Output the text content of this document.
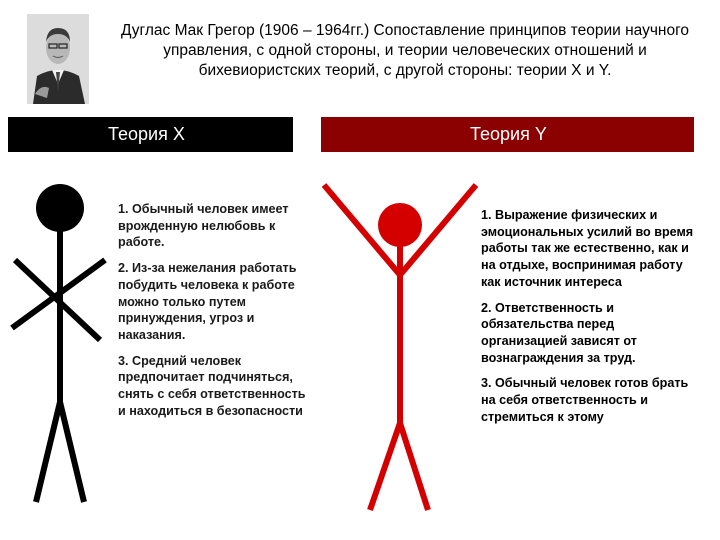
Дуглас Мак Грегор (1906 – 1964гг.) Сопоставление принципов теории научного управления, с одной стороны, и теории человеческих отношений и бихевиористских теорий, с другой стороны: теории X и Y.
Теория X	Теория Y

1. Обычный человек имеет врожденную нелюбовь к работе.

2. Из-за нежелания работать побудить человека к работе можно только путем принуждения, угроз и наказания.

3. Средний человек предпочитает подчиняться, снять с себя ответственность и находиться в безопасности

1. Выражение физических и эмоциональных усилий во время работы так же естественно, как и на отдыхе, воспринимая работу как источник интереса

2. Ответственность и обязательства перед организацией зависят от вознаграждения за труд.

3. Обычный человек готов брать на себя ответственность и стремиться к этому
